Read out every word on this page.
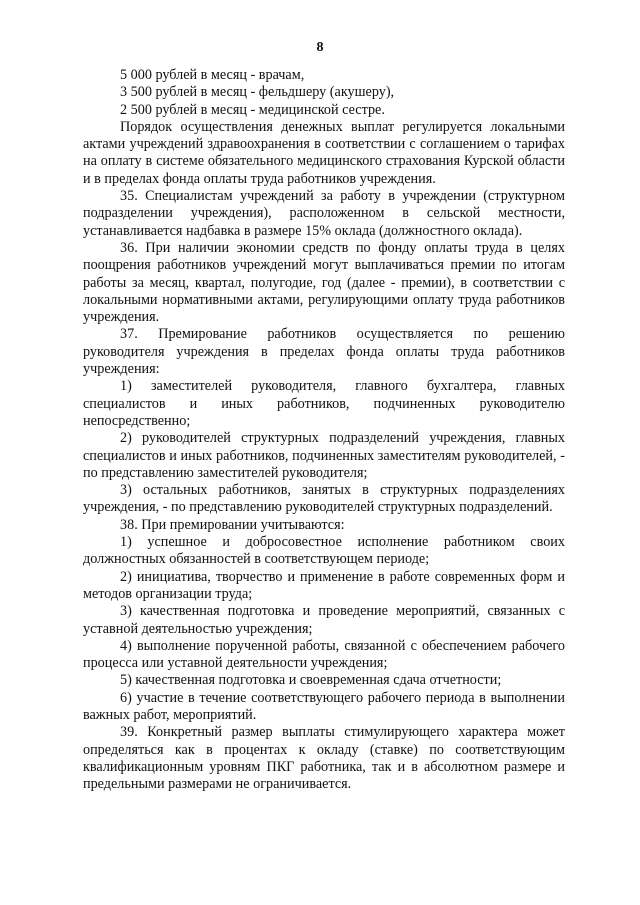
8

5 000 рублей в месяц - врачам,

3 500 рублей в месяц - фельдшеру (акушеру),

2 500 рублей в месяц - медицинской сестре.

Порядок осуществления денежных выплат регулируется локальными актами учреждений здравоохранения в соответствии с соглашением о тарифах на оплату в системе обязательного медицинского страхования Курской области и в пределах фонда оплаты труда работников учреждения.

35. Специалистам учреждений за работу в учреждении (структурном подразделении учреждения), расположенном в сельской местности, устанавливается надбавка в размере 15% оклада (должностного оклада).

36. При наличии экономии средств по фонду оплаты труда в целях поощрения работников учреждений могут выплачиваться премии по итогам работы за месяц, квартал, полугодие, год (далее - премии), в соответствии с локальными нормативными актами, регулирующими оплату труда работников учреждения.

37. Премирование работников осуществляется по решению руководителя учреждения в пределах фонда оплаты труда работников учреждения:

1) заместителей руководителя, главного бухгалтера, главных специалистов и иных работников, подчиненных руководителю непосредственно;

2) руководителей структурных подразделений учреждения, главных специалистов и иных работников, подчиненных заместителям руководителей, - по представлению заместителей руководителя;

3) остальных работников, занятых в структурных подразделениях учреждения, - по представлению руководителей структурных подразделений.

38. При премировании учитываются:

1) успешное и добросовестное исполнение работником своих должностных обязанностей в соответствующем периоде;

2) инициатива, творчество и применение в работе современных форм и методов организации труда;

3) качественная подготовка и проведение мероприятий, связанных с уставной деятельностью учреждения;

4) выполнение порученной работы, связанной с обеспечением рабочего процесса или уставной деятельности учреждения;

5) качественная подготовка и своевременная сдача отчетности;

6) участие в течение соответствующего рабочего периода в выполнении важных работ, мероприятий.

39. Конкретный размер выплаты стимулирующего характера может определяться как в процентах к окладу (ставке) по соответствующим квалификационным уровням ПКГ работника, так и в абсолютном размере и предельными размерами не ограничивается.
